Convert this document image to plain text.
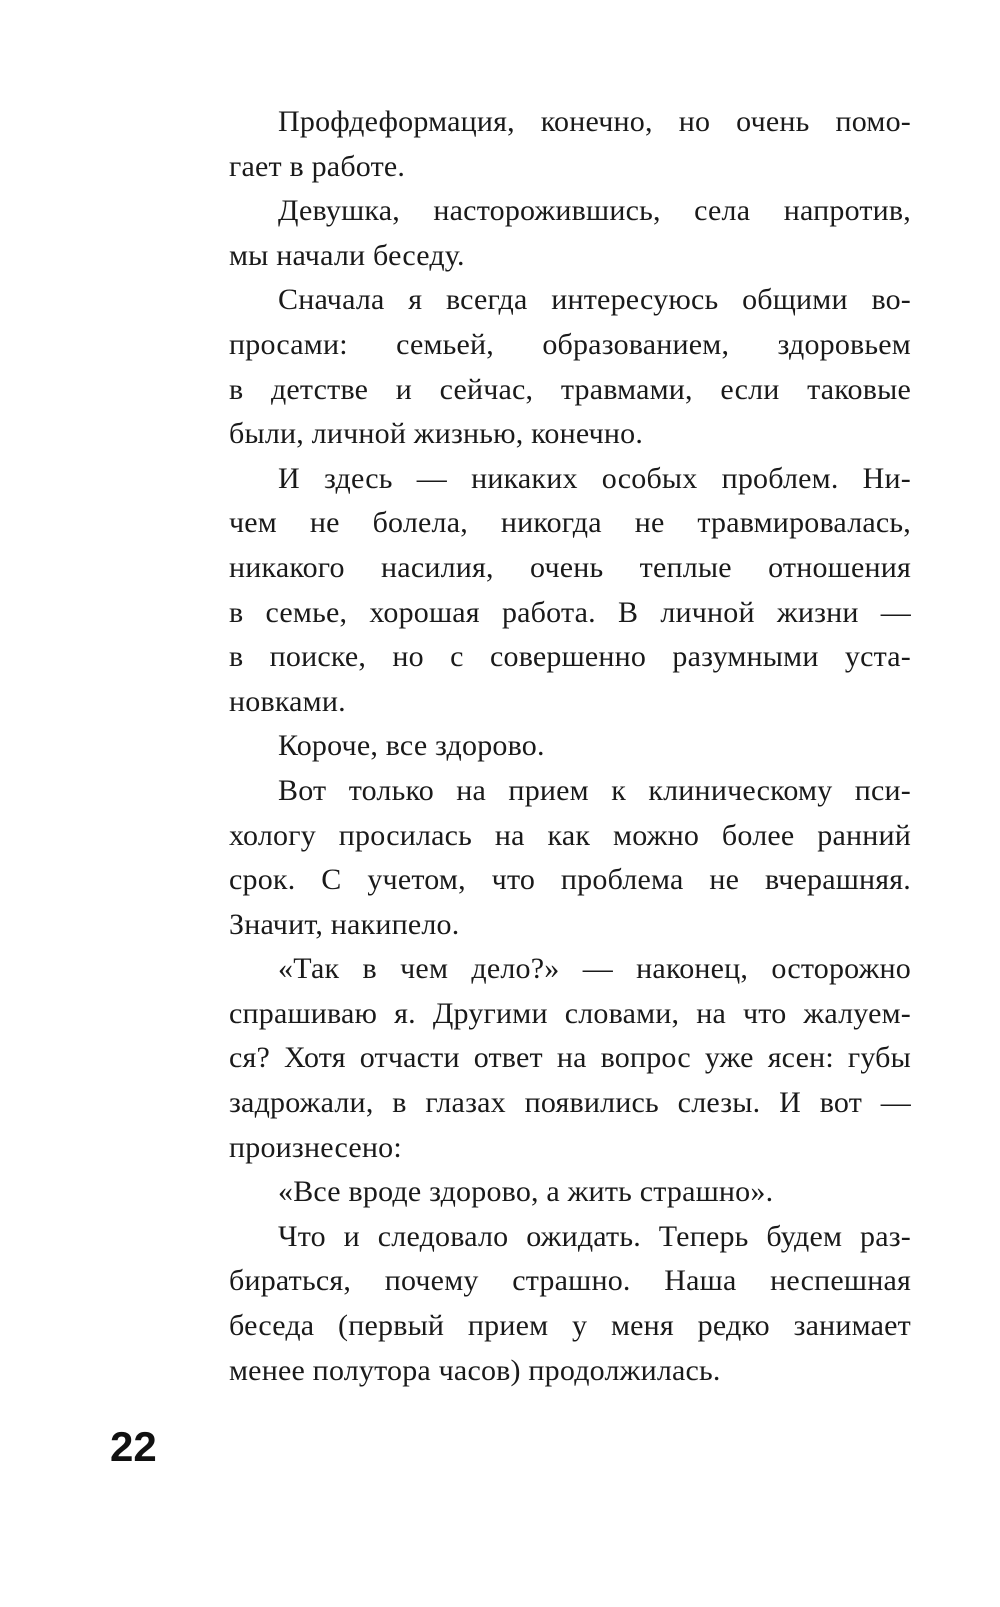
Профдеформация, конечно, но очень помо-
гает в работе.
Девушка, насторожившись, села напротив,
мы начали беседу.
Сначала я всегда интересуюсь общими во-
просами: семьей, образованием, здоровьем
в детстве и сейчас, травмами, если таковые
были, личной жизнью, конечно.
И здесь — никаких особых проблем. Ни-
чем не болела, никогда не травмировалась,
никакого насилия, очень теплые отношения
в семье, хорошая работа. В личной жизни —
в поиске, но с совершенно разумными уста-
новками.
Короче, все здорово.
Вот только на прием к клиническому пси-
хологу просилась на как можно более ранний
срок. С учетом, что проблема не вчерашняя.
Значит, накипело.
«Так в чем дело?» — наконец, осторожно
спрашиваю я. Другими словами, на что жалуем-
ся? Хотя отчасти ответ на вопрос уже ясен: губы
задрожали, в глазах появились слезы. И вот —
произнесено:
«Все вроде здорово, а жить страшно».
Что и следовало ожидать. Теперь будем раз-
бираться, почему страшно. Наша неспешная
беседа (первый прием у меня редко занимает
менее полутора часов) продолжилась.
22
